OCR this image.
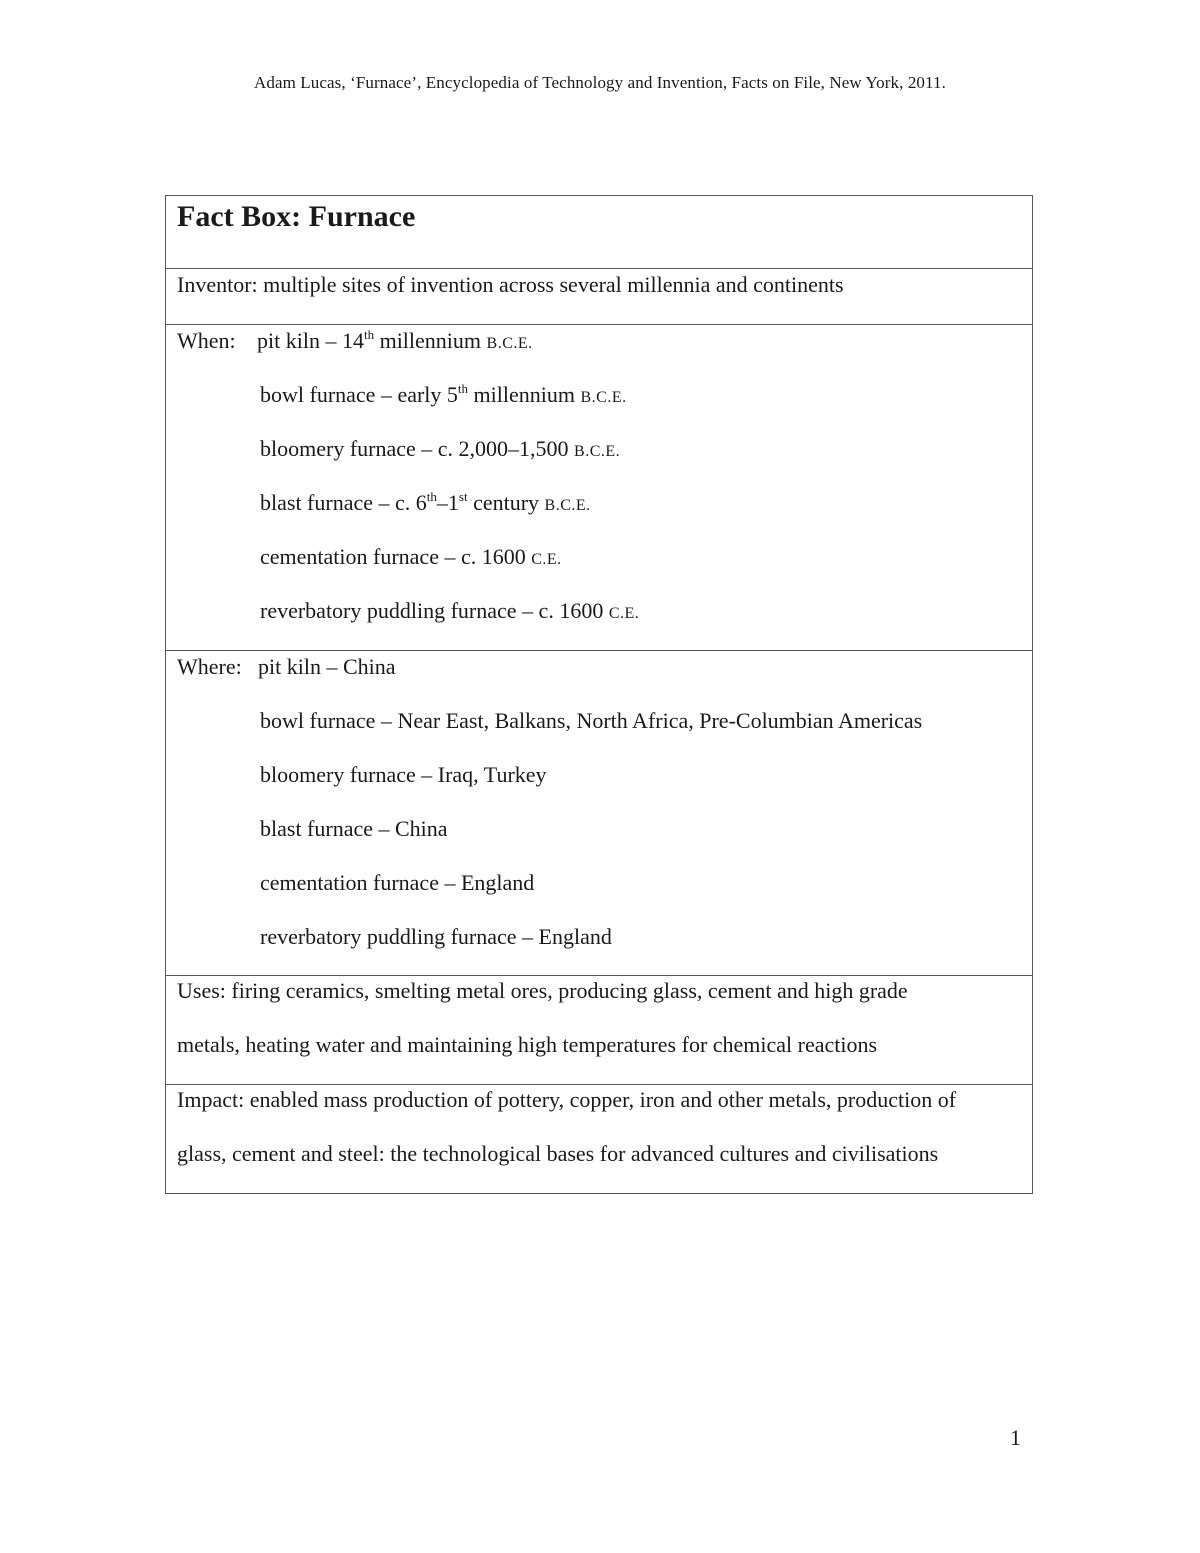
Adam Lucas, ‘Furnace’, Encyclopedia of Technology and Invention, Facts on File, New York, 2011.
Fact Box: Furnace
Inventor: multiple sites of invention across several millennia and continents
When: pit kiln – 14th millennium B.C.E.
bowl furnace – early 5th millennium B.C.E.
bloomery furnace – c. 2,000–1,500 B.C.E.
blast furnace – c. 6th–1st century B.C.E.
cementation furnace – c. 1600 C.E.
reverbatory puddling furnace – c. 1600 C.E.
Where: pit kiln – China
bowl furnace – Near East, Balkans, North Africa, Pre-Columbian Americas
bloomery furnace – Iraq, Turkey
blast furnace – China
cementation furnace – England
reverbatory puddling furnace – England
Uses: firing ceramics, smelting metal ores, producing glass, cement and high grade
metals, heating water and maintaining high temperatures for chemical reactions
Impact: enabled mass production of pottery, copper, iron and other metals, production of
glass, cement and steel: the technological bases for advanced cultures and civilisations
1
